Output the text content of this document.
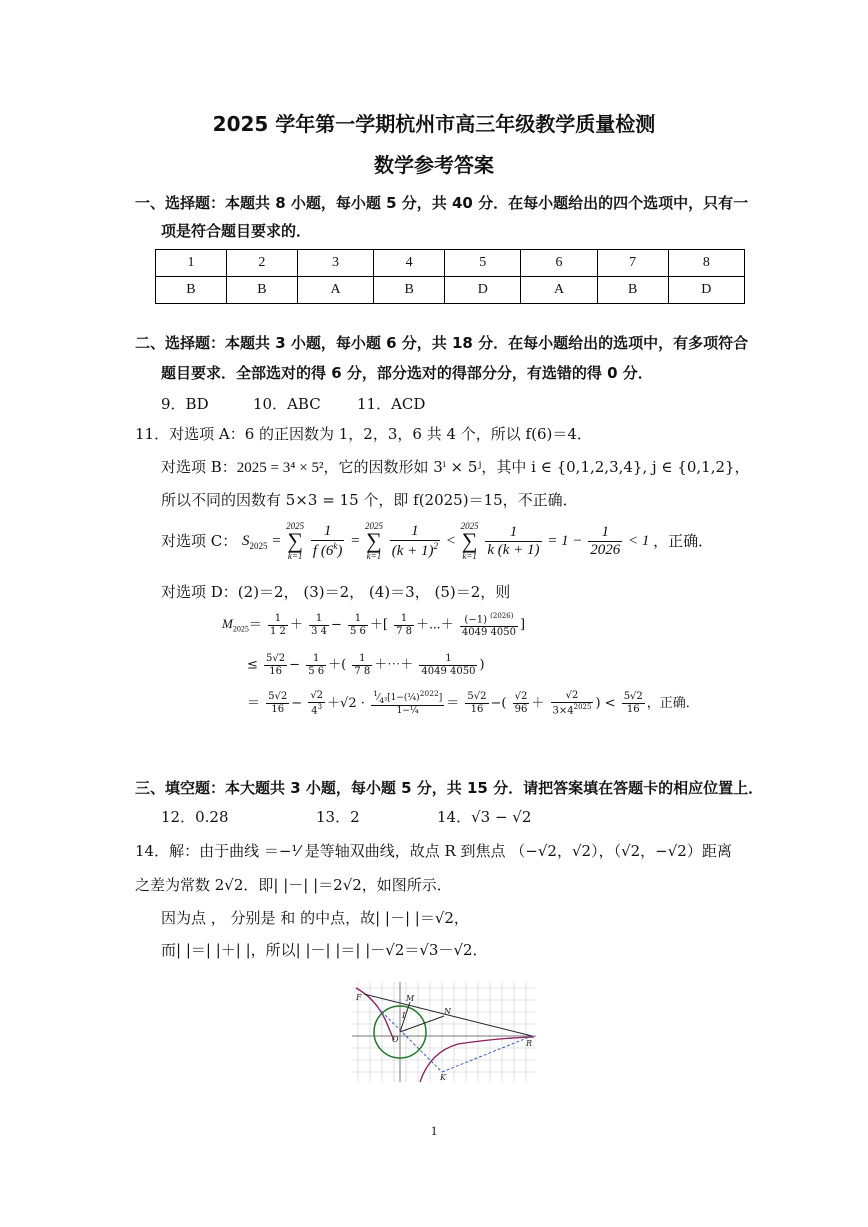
2025 学年第一学期杭州市高三年级教学质量检测
数学参考答案
一、选择题：本题共 8 小题，每小题 5 分，共 40 分．在每小题给出的四个选项中，只有一
项是符合题目要求的．
1	2	3	4	5	6	7	8
B	B	A	B	D	A	B	D
二、选择题：本题共 3 小题，每小题 6 分，共 18 分．在每小题给出的选项中，有多项符合
题目要求．全部选对的得 6 分，部分选对的得部分分，有选错的得 0 分．
9．BD	10．ABC 11．ACD
11．对选项 A：6 的正因数为 1，2，3，6 共 4 个，所以 f(6)＝4．
对选项 B：2025 = 3⁴ × 5²，它的因数形如 3ⁱ × 5ʲ，其中 i ∈ {0,1,2,3,4}, j ∈ {0,1,2}，
所以不同的因数有 5×3 = 15 个，即 f(2025)＝15，不正确．
对选项 C： $S_{2025}$ =
2025
∑
k=1
$\frac{1}{f (6^k)}$ =
2025
∑
k=1
$\frac{1}{(k + 1)^2}$ <
2025
∑
k=1
$\frac{1}{k (k + 1)} = 1 - \frac{1}{2026} < 1$ ，正确．
对选项 D：(2)＝2， (3)＝2， (4)＝3， (5)＝2，则
$M_{2025}= \frac{1}{1 2} + \frac{1}{3 4} - \frac{1}{5 6}$ ＋[ $\frac{1}{7 8}$ ＋⋯＋ $\frac{(-1) ^{(2026)}}{4049 4050}$ ]
≤ $\frac{5√2}{16} - \frac{1}{5 6}$ ＋( $\frac{1}{7 8}$ ＋⋯＋ $\frac{1}{4049 4050}$ )
＝ $\frac{5√2}{16} - \frac{√2}{4^3} +√2 \cdot \frac{^1⁄_{4^3}[1-(\frac{1}{4})^{2022}]}{\text{1−¼}} = \frac{5√2}{16}$ −( $\frac{√2}{96} + \frac{√2}{3\times 4^{2025}}$ ) < $\frac{5√2}{16}$ ，正确．
三、填空题：本大题共 3 小题，每小题 5 分，共 15 分．请把答案填在答题卡的相应位置上．
12．0.28	13．2	14．√3 − √2
14．解：由于曲线 ＝−¹⁄ 是等轴双曲线，故点 R 到焦点 （−√2，√2），（√2，−√2）距离
之差为常数 2√2．即| |－| |＝2√2，如图所示．
因为点 ， 分别是 和 的中点，故| |－| |＝√2，
而| |＝| |＋| |，所以| |－| |＝| |－√2＝√3－√2．
F	M
N
O	R
K
I
1
